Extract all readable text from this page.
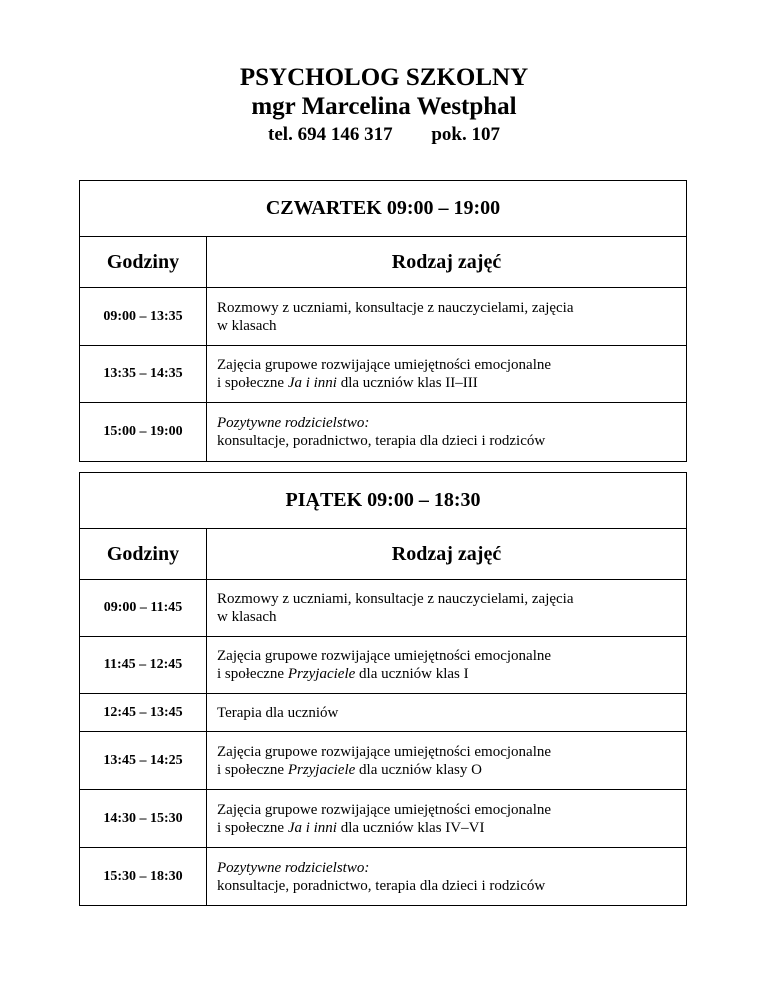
PSYCHOLOG SZKOLNY
mgr Marcelina Westphal
tel. 694 146 317 pok. 107
CZWARTEK 09:00 – 19:00	
Godziny	Rodzaj zajęć
09:00 – 13:35	Rozmowy z uczniami, konsultacje z nauczycielami, zajęcia
w klasach

13:35 – 14:35	Zajęcia grupowe rozwijające umiejętności emocjonalne
i społeczne Ja i inni dla uczniów klas II–III

15:00 – 19:00	Pozytywne rodzicielstwo:
konsultacje, poradnictwo, terapia dla dzieci i rodziców
PIĄTEK 09:00 – 18:30	
Godziny	Rodzaj zajęć
09:00 – 11:45	Rozmowy z uczniami, konsultacje z nauczycielami, zajęcia
w klasach

11:45 – 12:45	Zajęcia grupowe rozwijające umiejętności emocjonalne
i społeczne Przyjaciele dla uczniów klas I

12:45 – 13:45	Terapia dla uczniów

13:45 – 14:25	Zajęcia grupowe rozwijające umiejętności emocjonalne
i społeczne Przyjaciele dla uczniów klasy O

14:30 – 15:30	Zajęcia grupowe rozwijające umiejętności emocjonalne
i społeczne Ja i inni dla uczniów klas IV–VI

15:30 – 18:30	Pozytywne rodzicielstwo:
konsultacje, poradnictwo, terapia dla dzieci i rodziców
